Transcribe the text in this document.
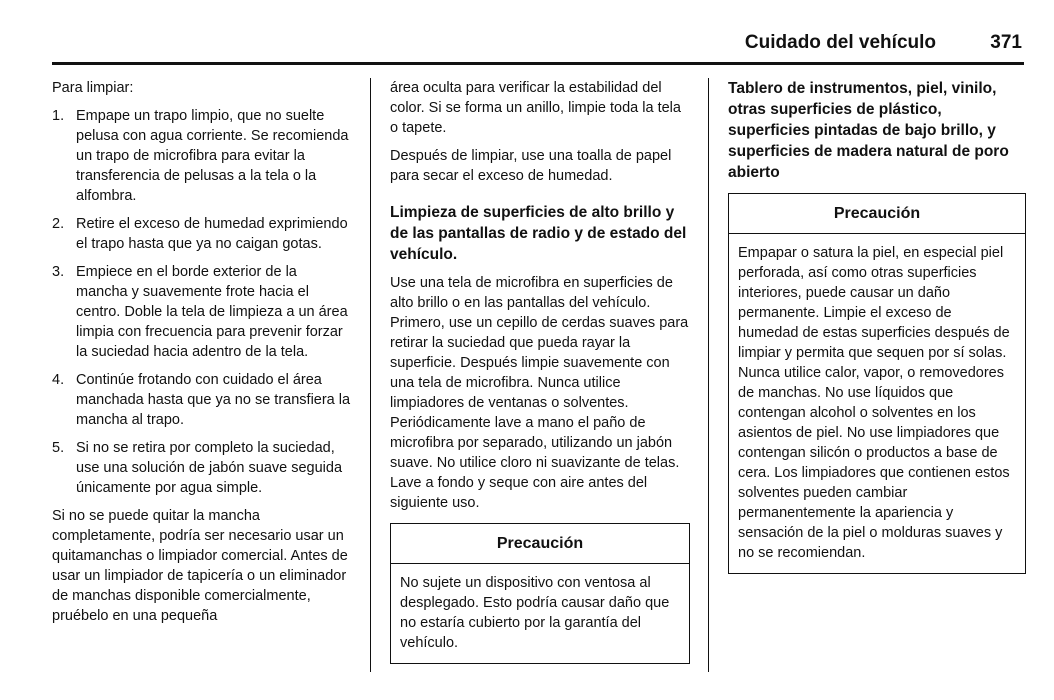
Cuidado del vehículo	371

Para limpiar:

1. Empape un trapo limpio, que no suelte pelusa con agua corriente. Se recomienda un trapo de microfibra para evitar la transferencia de pelusas a la tela o la alfombra.
2. Retire el exceso de humedad exprimiendo el trapo hasta que ya no caigan gotas.
3. Empiece en el borde exterior de la mancha y suavemente frote hacia el centro. Doble la tela de limpieza a un área limpia con frecuencia para prevenir forzar la suciedad hacia adentro de la tela.
4. Continúe frotando con cuidado el área manchada hasta que ya no se transfiera la mancha al trapo.
5. Si no se retira por completo la suciedad, use una solución de jabón suave seguida únicamente por agua simple.

Si no se puede quitar la mancha completamente, podría ser necesario usar un quitamanchas o limpiador comercial. Antes de usar un limpiador de tapicería o un eliminador de manchas disponible comercialmente, pruébelo en una pequeña

área oculta para verificar la estabilidad del color. Si se forma un anillo, limpie toda la tela o tapete.

Después de limpiar, use una toalla de papel para secar el exceso de humedad.

Limpieza de superficies de alto brillo y de las pantallas de radio y de estado del vehículo.

Use una tela de microfibra en superficies de alto brillo o en las pantallas del vehículo. Primero, use un cepillo de cerdas suaves para retirar la suciedad que pueda rayar la superficie. Después limpie suavemente con una tela de microfibra. Nunca utilice limpiadores de ventanas o solventes. Periódicamente lave a mano el paño de microfibra por separado, utilizando un jabón suave. No utilice cloro ni suavizante de telas. Lave a fondo y seque con aire antes del siguiente uso.

Precaución
No sujete un dispositivo con ventosa al desplegado. Esto podría causar daño que no estaría cubierto por la garantía del vehículo.
Tablero de instrumentos, piel, vinilo, otras superficies de plástico, superficies pintadas de bajo brillo, y superficies de madera natural de poro abierto
Precaución
Empapar o satura la piel, en especial piel perforada, así como otras superficies interiores, puede causar un daño permanente. Limpie el exceso de humedad de estas superficies después de limpiar y permita que sequen por sí solas. Nunca utilice calor, vapor, o removedores de manchas. No use líquidos que contengan alcohol o solventes en los asientos de piel. No use limpiadores que contengan silicón o productos a base de cera. Los limpiadores que contienen estos solventes pueden cambiar permanentemente la apariencia y sensación de la piel o molduras suaves y no se recomiendan.
